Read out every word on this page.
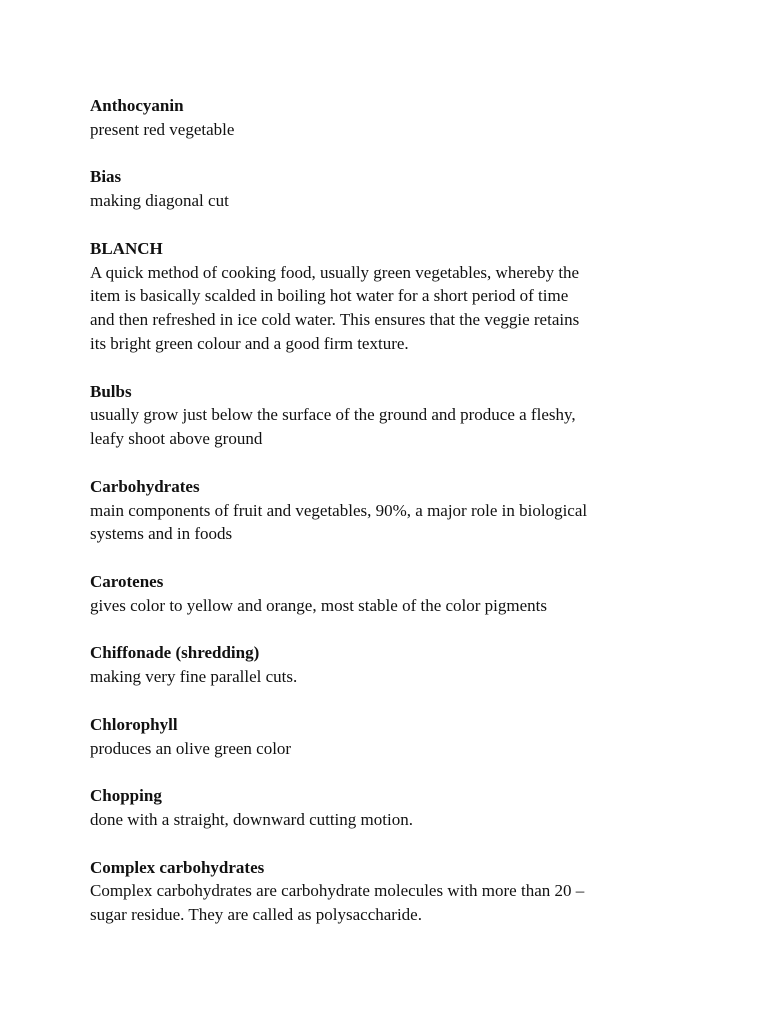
Anthocyanin
present red vegetable
Bias
making diagonal cut
BLANCH
A quick method of cooking food, usually green vegetables, whereby the
item is basically scalded in boiling hot water for a short period of time
and then refreshed in ice cold water. This ensures that the veggie retains
its bright green colour and a good firm texture.
Bulbs
usually grow just below the surface of the ground and produce a fleshy,
leafy shoot above ground
Carbohydrates
main components of fruit and vegetables, 90%, a major role in biological
systems and in foods
Carotenes
gives color to yellow and orange, most stable of the color pigments
Chiffonade (shredding)
making very fine parallel cuts.
Chlorophyll
produces an olive green color
Chopping
done with a straight, downward cutting motion.
Complex carbohydrates
Complex carbohydrates are carbohydrate molecules with more than 20 –
sugar residue. They are called as polysaccharide.
